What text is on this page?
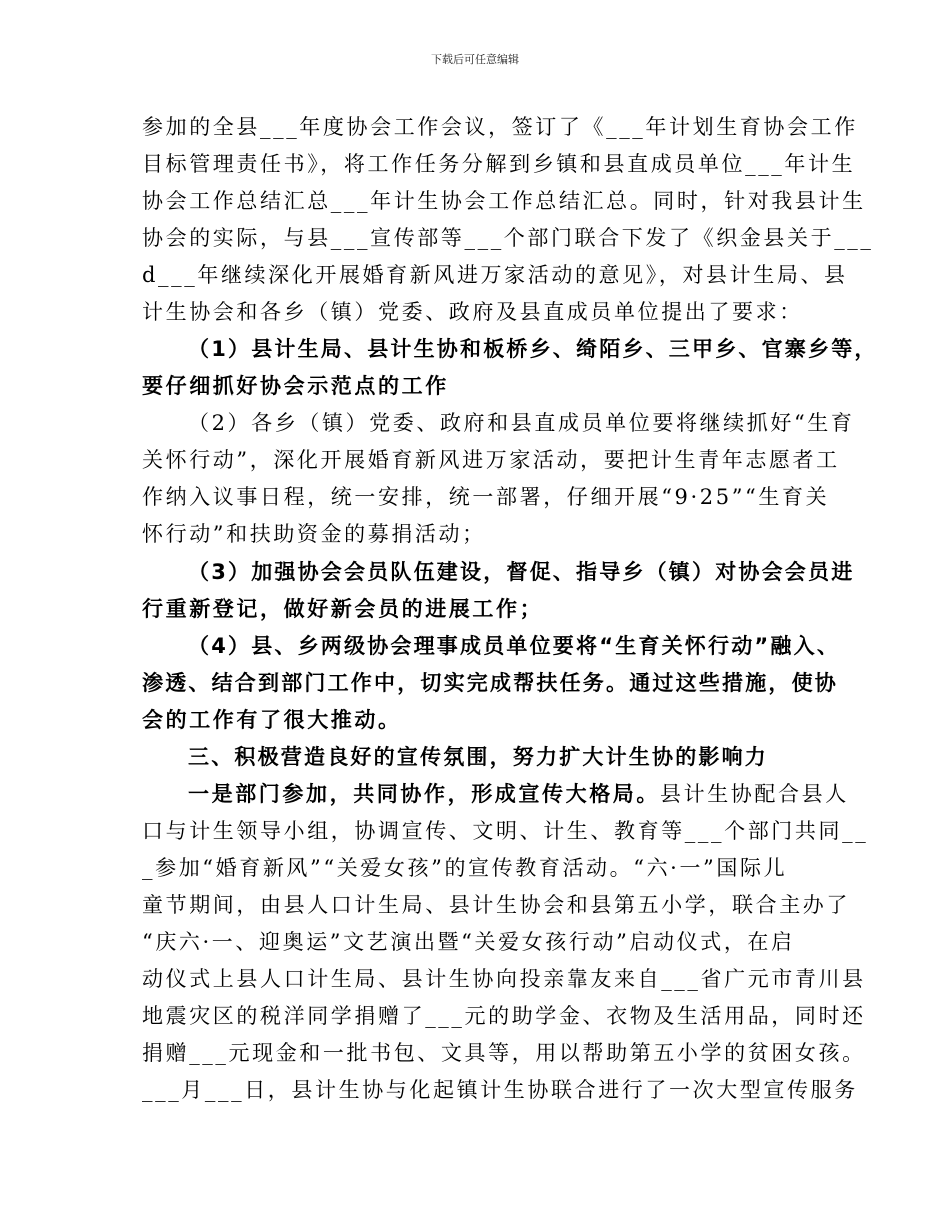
下载后可任意编辑
参加的全县___年度协会工作会议，签订了《___年计划生育协会工作
目标管理责任书》，将工作任务分解到乡镇和县直成员单位___年计生
协会工作总结汇总___年计生协会工作总结汇总。同时，针对我县计生
协会的实际，与县___宣传部等___个部门联合下发了《织金县关于___
d___年继续深化开展婚育新风进万家活动的意见》，对县计生局、县
计生协会和各乡（镇）党委、政府及县直成员单位提出了要求：
（1）县计生局、县计生协和板桥乡、绮陌乡、三甲乡、官寨乡等，
要仔细抓好协会示范点的工作
（2）各乡（镇）党委、政府和县直成员单位要将继续抓好“生育
关怀行动”，深化开展婚育新风进万家活动，要把计生青年志愿者工
作纳入议事日程，统一安排，统一部署，仔细开展“9·25”“生育关
怀行动”和扶助资金的募捐活动；
（3）加强协会会员队伍建设，督促、指导乡（镇）对协会会员进
行重新登记，做好新会员的进展工作；
（4）县、乡两级协会理事成员单位要将“生育关怀行动”融入、
渗透、结合到部门工作中，切实完成帮扶任务。通过这些措施，使协
会的工作有了很大推动。
三、积极营造良好的宣传氛围，努力扩大计生协的影响力
一是部门参加，共同协作，形成宣传大格局。县计生协配合县人
口与计生领导小组，协调宣传、文明、计生、教育等___个部门共同__
_参加“婚育新风”“关爱女孩”的宣传教育活动。“六·一”国际儿
童节期间，由县人口计生局、县计生协会和县第五小学，联合主办了
“庆六·一、迎奥运”文艺演出暨“关爱女孩行动”启动仪式，在启
动仪式上县人口计生局、县计生协向投亲靠友来自___省广元市青川县
地震灾区的税洋同学捐赠了___元的助学金、衣物及生活用品，同时还
捐赠___元现金和一批书包、文具等，用以帮助第五小学的贫困女孩。
___月___日，县计生协与化起镇计生协联合进行了一次大型宣传服务
